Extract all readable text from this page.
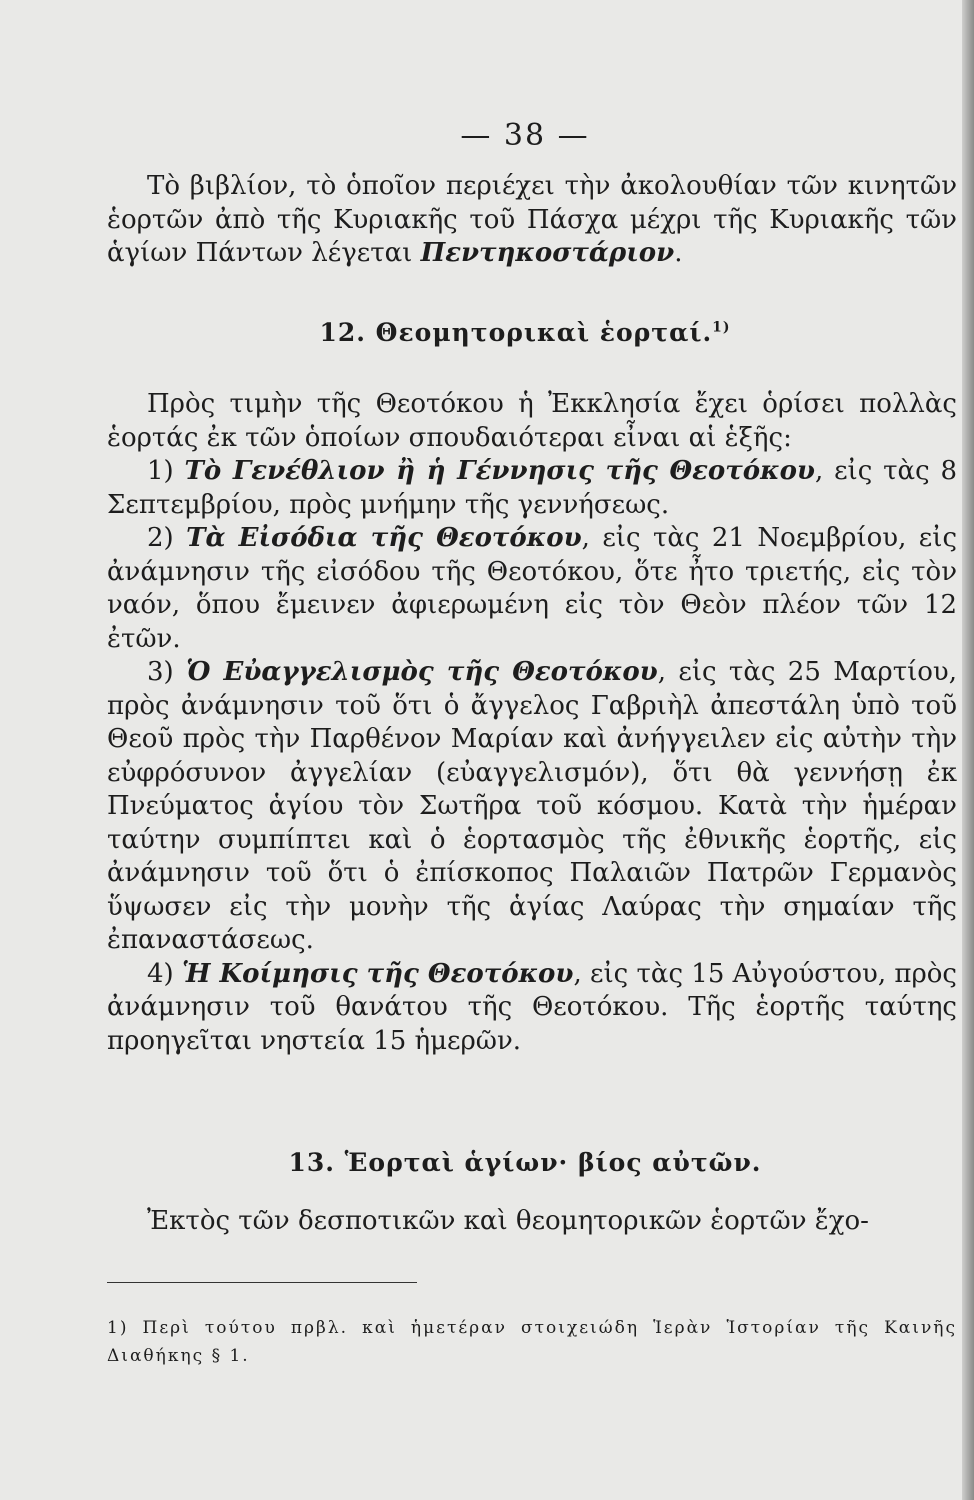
— 38 —
Τὸ βιβλίον, τὸ ὁποῖον περιέχει τὴν ἀκολουθίαν τῶν κινητῶν ἑορτῶν ἀπὸ τῆς Κυριακῆς τοῦ Πάσχα μέχρι τῆς Κυριακῆς τῶν ἁγίων Πάντων λέγεται Πεντηκοστάριον.
12. Θεομητορικαὶ ἑορταί.$^{1)}$

Πρὸς τιμὴν τῆς Θεοτόκου ἡ Ἐκκλησία ἔχει ὁρίσει πολλὰς ἑορτάς ἐκ τῶν ὁποίων σπουδαιότεραι εἶναι αἱ ἑξῆς:

1) Τὸ Γενέθλιον ἢ ἡ Γέννησις τῆς Θεοτόκου, εἰς τὰς 8 Σεπτεμβρίου, πρὸς μνήμην τῆς γεννήσεως.

2) Τὰ Εἰσόδια τῆς Θεοτόκου, εἰς τὰς 21 Νοεμβρίου, εἰς ἀνάμνησιν τῆς εἰσόδου τῆς Θεοτόκου, ὅτε ἦτο τριετής, εἰς τὸν ναόν, ὅπου ἔμεινεν ἀφιερωμένη εἰς τὸν Θεὸν πλέον τῶν 12 ἐτῶν.

3) Ὁ Εὐαγγελισμὸς τῆς Θεοτόκου, εἰς τὰς 25 Μαρτίου, πρὸς ἀνάμνησιν τοῦ ὅτι ὁ ἄγγελος Γαβριὴλ ἀπεστάλη ὑπὸ τοῦ Θεοῦ πρὸς τὴν Παρθένον Μαρίαν καὶ ἀνήγγειλεν εἰς αὐτὴν τὴν εὐφρόσυνον ἀγγελίαν (εὐαγγελισμόν), ὅτι θὰ γεννήσῃ ἐκ Πνεύματος ἁγίου τὸν Σωτῆρα τοῦ κόσμου. Κατὰ τὴν ἡμέραν ταύτην συμπίπτει καὶ ὁ ἑορτασμὸς τῆς ἐθνικῆς ἑορτῆς, εἰς ἀνάμνησιν τοῦ ὅτι ὁ ἐπίσκοπος Παλαιῶν Πατρῶν Γερμανὸς ὕψωσεν εἰς τὴν μονὴν τῆς ἁγίας Λαύρας τὴν σημαίαν τῆς ἐπαναστάσεως.

4) Ἡ Κοίμησις τῆς Θεοτόκου, εἰς τὰς 15 Αὐγούστου, πρὸς ἀνάμνησιν τοῦ θανάτου τῆς Θεοτόκου. Τῆς ἑορτῆς ταύτης προηγεῖται νηστεία 15 ἡμερῶν.

13. Ἑορταὶ ἁγίων· βίος αὐτῶν.
Ἐκτὸς τῶν δεσποτικῶν καὶ θεομητορικῶν ἑορτῶν ἔχο-
1) Περὶ τούτου πρβλ. καὶ ἡμετέραν στοιχειώδη Ἱερὰν Ἱστορίαν τῆς Καινῆς Διαθήκης § 1.
